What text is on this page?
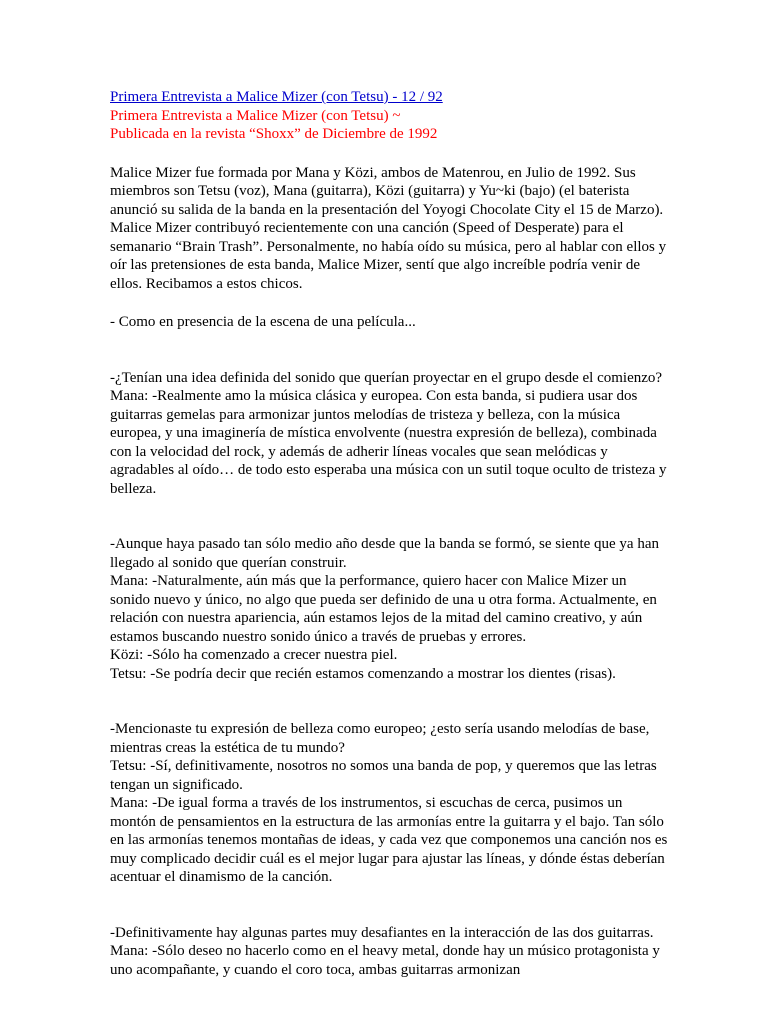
Primera Entrevista a Malice Mizer (con Tetsu) - 12 / 92
Primera Entrevista a Malice Mizer (con Tetsu) ~
Publicada en la revista “Shoxx” de Diciembre de 1992

Malice Mizer fue formada por Mana y Közi, ambos de Matenrou, en Julio de 1992. Sus miembros son Tetsu (voz), Mana (guitarra), Közi (guitarra) y Yu~ki (bajo) (el baterista anunció su salida de la banda en la presentación del Yoyogi Chocolate City el 15 de Marzo). Malice Mizer contribuyó recientemente con una canción (Speed of Desperate) para el semanario “Brain Trash”. Personalmente, no había oído su música, pero al hablar con ellos y oír las pretensiones de esta banda, Malice Mizer, sentí que algo increíble podría venir de ellos. Recibamos a estos chicos.

- Como en presencia de la escena de una película...

-¿Tenían una idea definida del sonido que querían proyectar en el grupo desde el comienzo?

Mana: -Realmente amo la música clásica y europea. Con esta banda, si pudiera usar dos guitarras gemelas para armonizar juntos melodías de tristeza y belleza, con la música europea, y una imaginería de mística envolvente (nuestra expresión de belleza), combinada con la velocidad del rock, y además de adherir líneas vocales que sean melódicas y agradables al oído… de todo esto esperaba una música con un sutil toque oculto de tristeza y belleza.

-Aunque haya pasado tan sólo medio año desde que la banda se formó, se siente que ya han llegado al sonido que querían construir.

Mana: -Naturalmente, aún más que la performance, quiero hacer con Malice Mizer un sonido nuevo y único, no algo que pueda ser definido de una u otra forma. Actualmente, en relación con nuestra apariencia, aún estamos lejos de la mitad del camino creativo, y aún estamos buscando nuestro sonido único a través de pruebas y errores.

Közi: -Sólo ha comenzado a crecer nuestra piel.

Tetsu: -Se podría decir que recién estamos comenzando a mostrar los dientes (risas).

-Mencionaste tu expresión de belleza como europeo; ¿esto sería usando melodías de base, mientras creas la estética de tu mundo?

Tetsu: -Sí, definitivamente, nosotros no somos una banda de pop, y queremos que las letras tengan un significado.

Mana: -De igual forma a través de los instrumentos, si escuchas de cerca, pusimos un montón de pensamientos en la estructura de las armonías entre la guitarra y el bajo. Tan sólo en las armonías tenemos montañas de ideas, y cada vez que componemos una canción nos es muy complicado decidir cuál es el mejor lugar para ajustar las líneas, y dónde éstas deberían acentuar el dinamismo de la canción.

-Definitivamente hay algunas partes muy desafiantes en la interacción de las dos guitarras.

Mana: -Sólo deseo no hacerlo como en el heavy metal, donde hay un músico protagonista y uno acompañante, y cuando el coro toca, ambas guitarras armonizan
